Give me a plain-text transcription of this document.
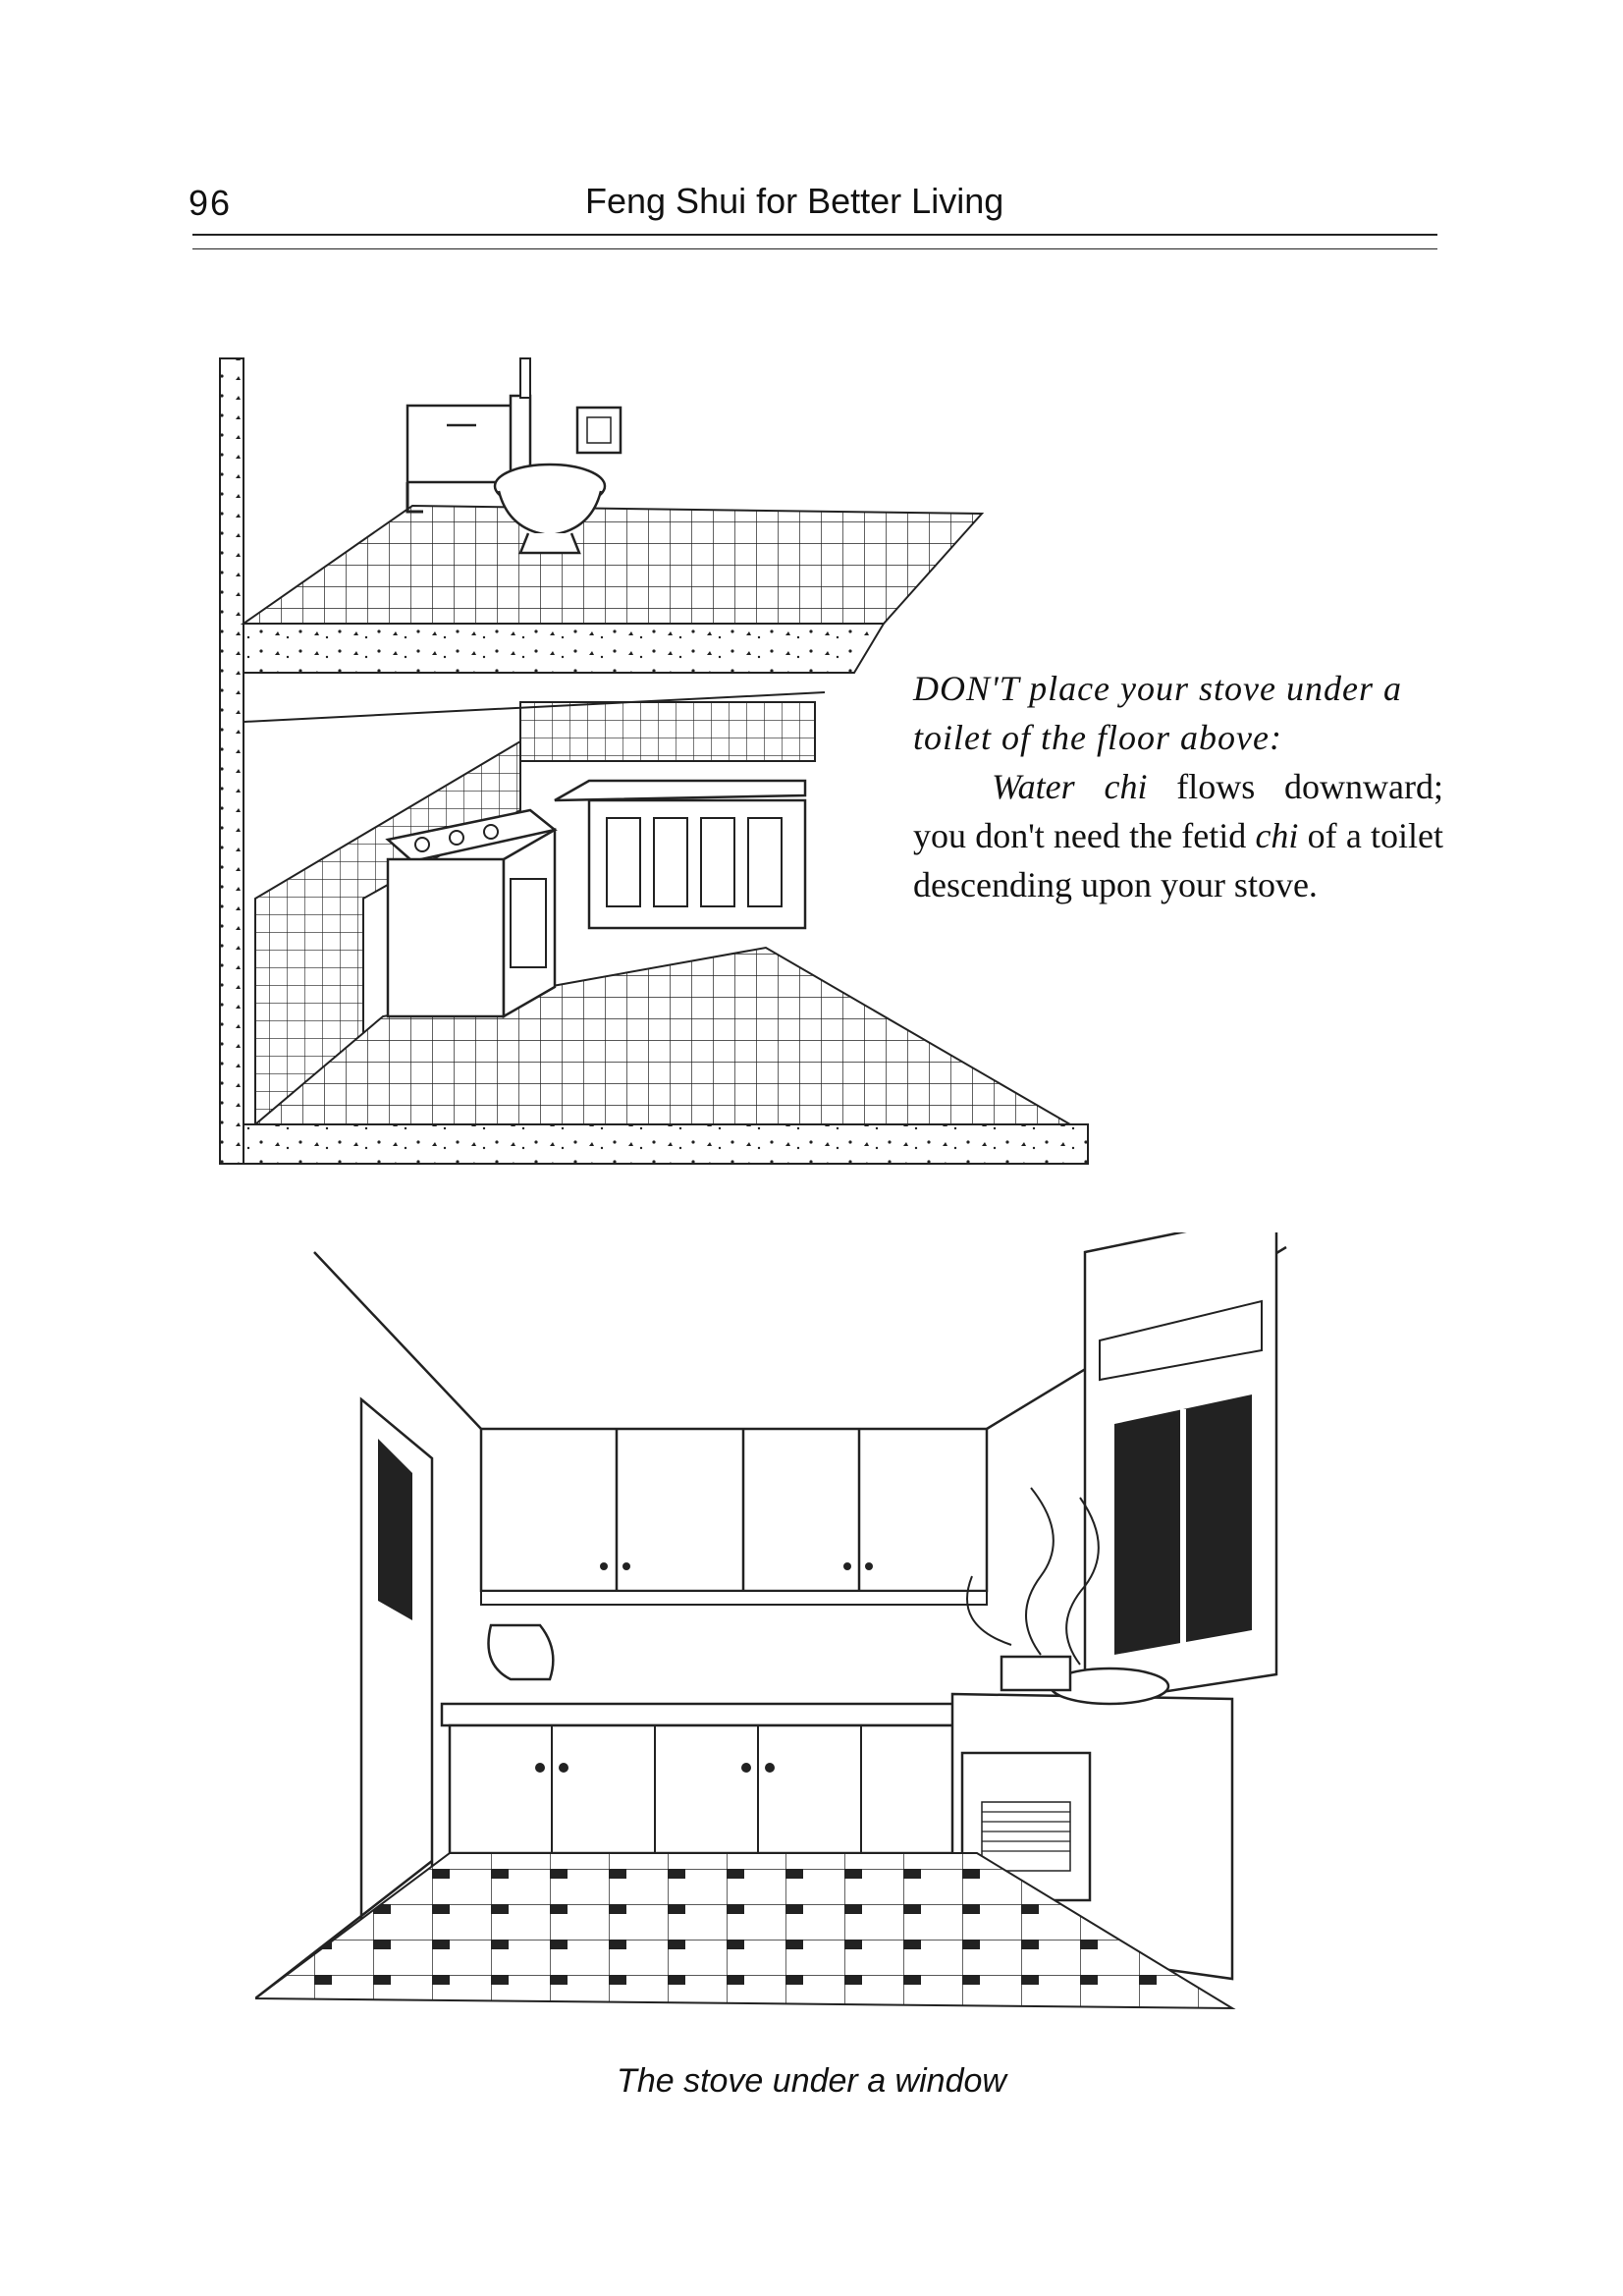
96	Feng Shui for Better Living

DON'T place your stove under a toilet of the floor above:

Water chi flows downward; you don't need the fetid chi of a toilet descending upon your stove.

The stove under a window
